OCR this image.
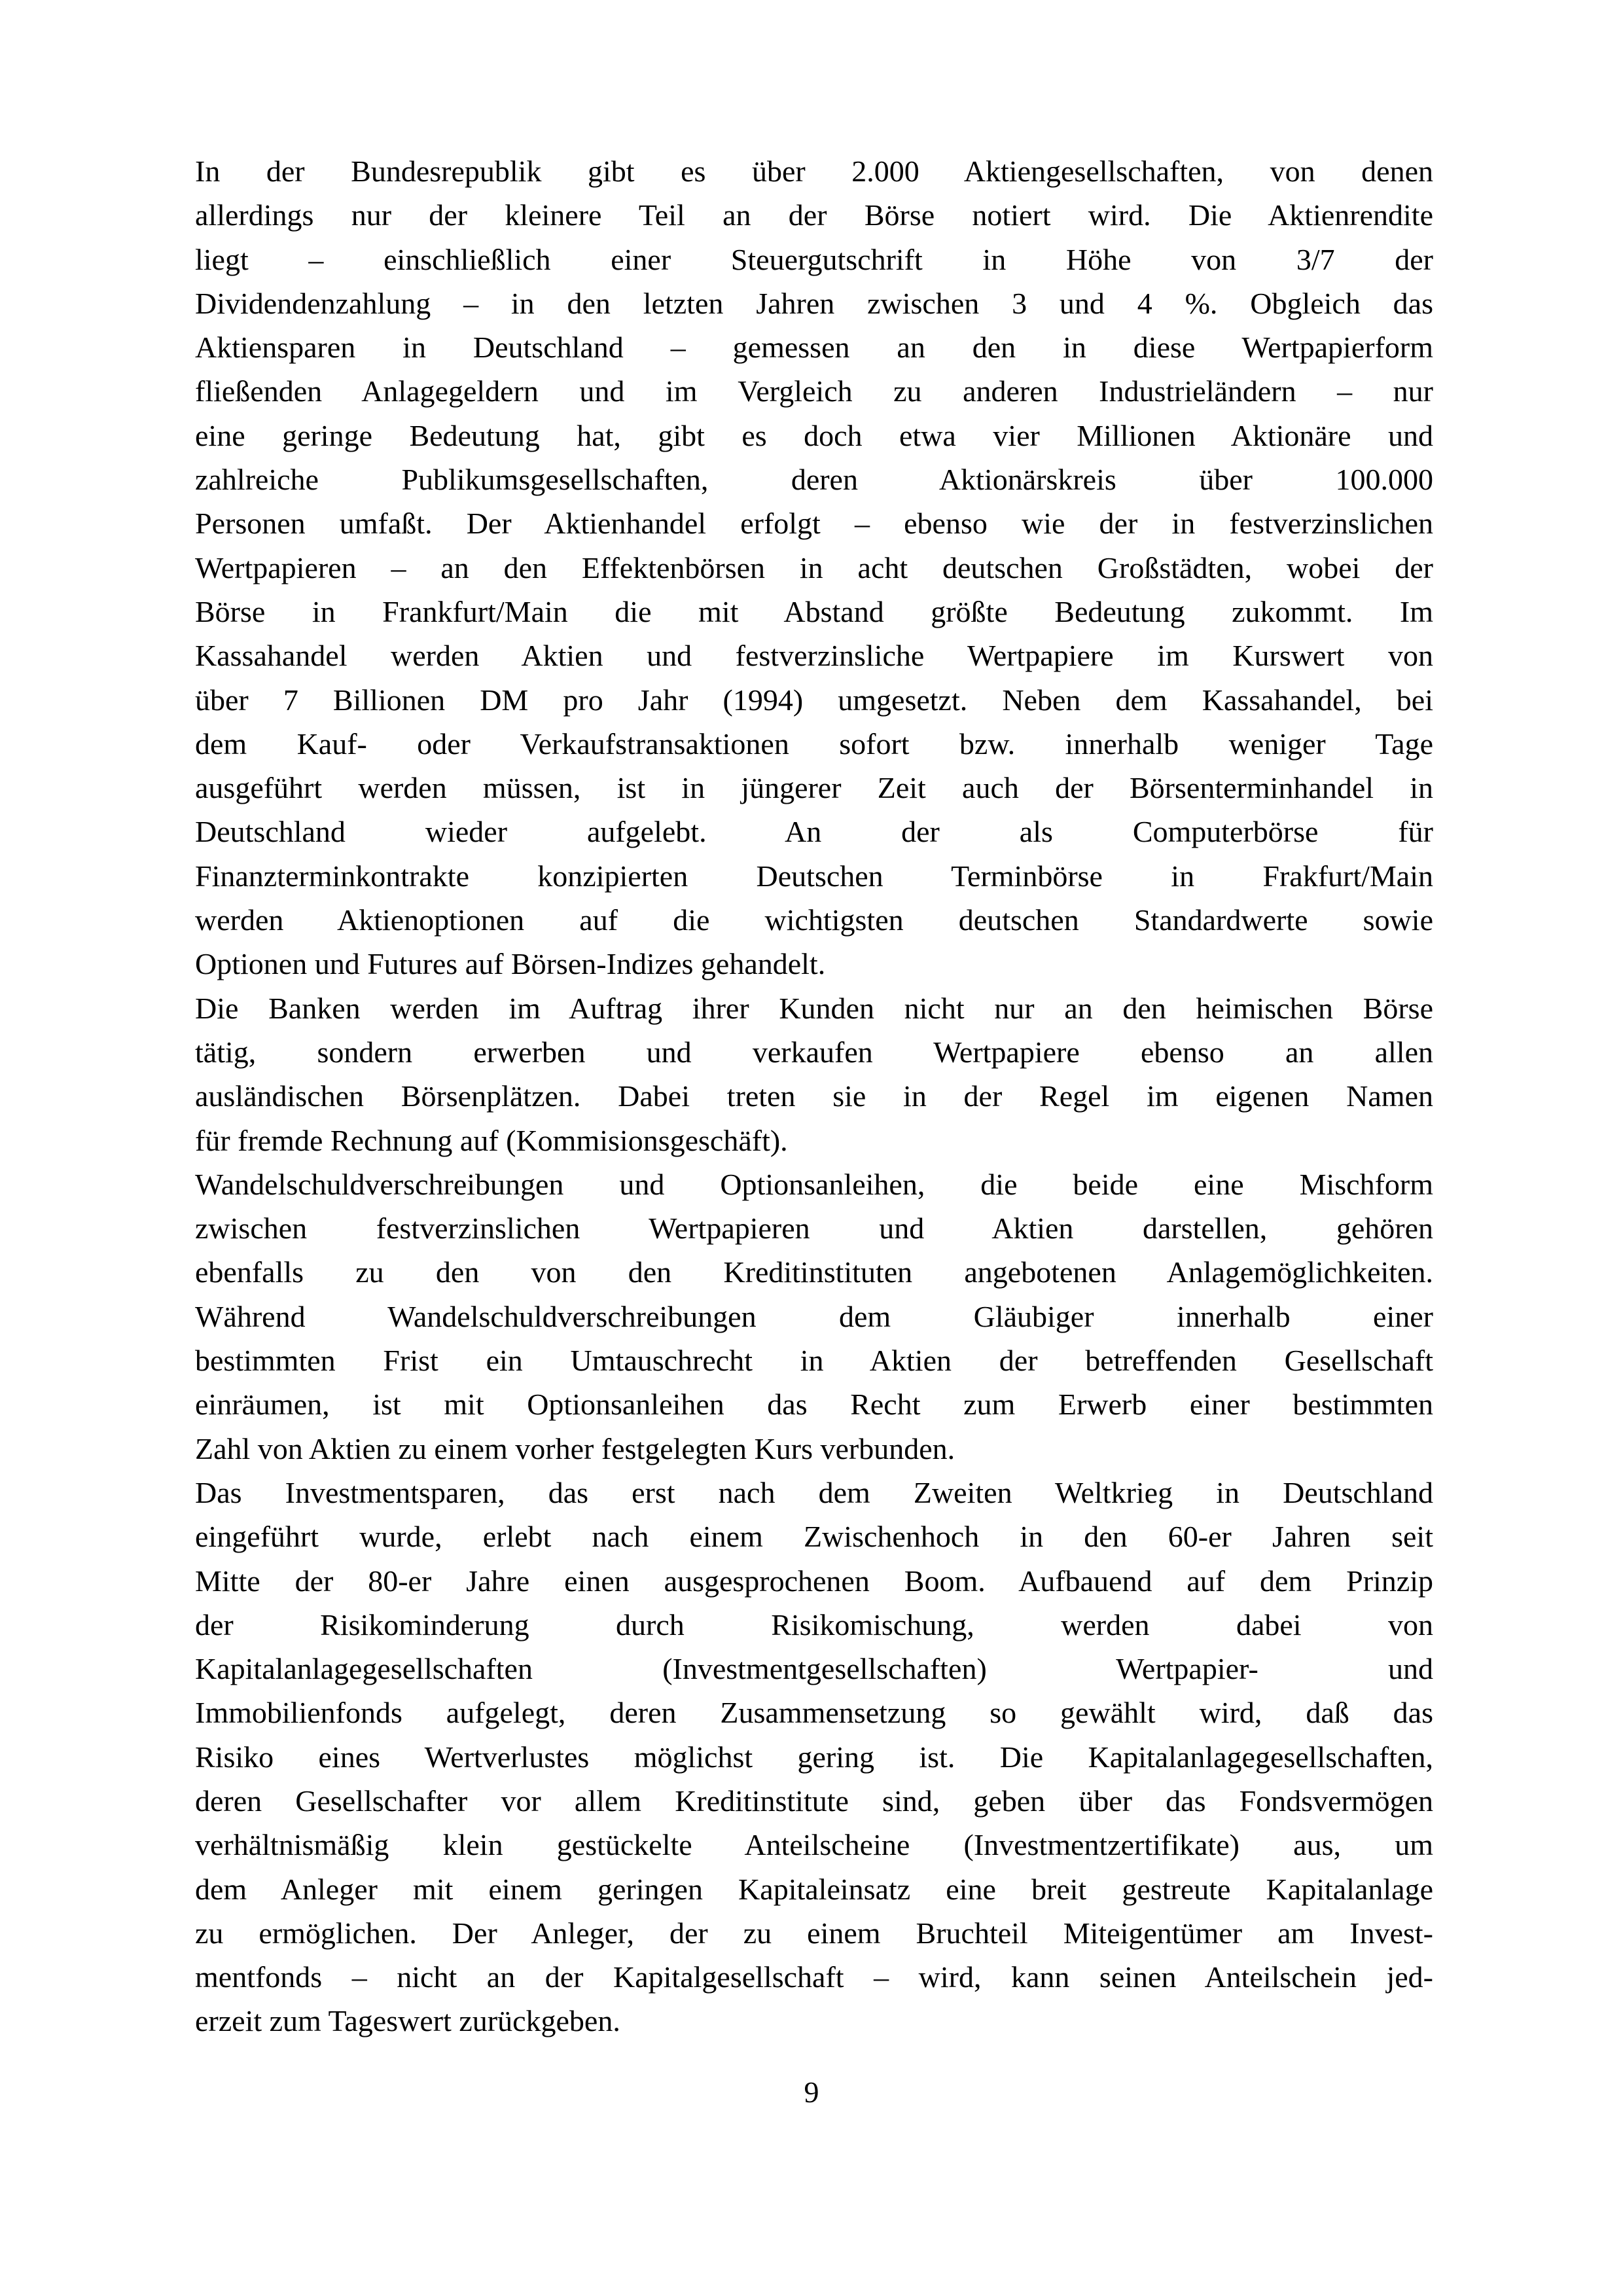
In der Bundesrepublik gibt es über 2.000 Aktiengesellschaften, von denen
allerdings nur der kleinere Teil an der Börse notiert wird. Die Aktienrendite
liegt – einschließlich einer Steuergutschrift in Höhe von 3/7 der
Dividendenzahlung – in den letzten Jahren zwischen 3 und 4 %. Obgleich das
Aktiensparen in Deutschland – gemessen an den in diese Wertpapierform
fließenden Anlagegeldern und im Vergleich zu anderen Industrieländern – nur
eine geringe Bedeutung hat, gibt es doch etwa vier Millionen Aktionäre und
zahlreiche Publikumsgesellschaften, deren Aktionärskreis über 100.000
Personen umfaßt. Der Aktienhandel erfolgt – ebenso wie der in festverzinslichen
Wertpapieren – an den Effektenbörsen in acht deutschen Großstädten, wobei der
Börse in Frankfurt/Main die mit Abstand größte Bedeutung zukommt. Im
Kassahandel werden Aktien und festverzinsliche Wertpapiere im Kurswert von
über 7 Billionen DM pro Jahr (1994) umgesetzt. Neben dem Kassahandel, bei
dem Kauf- oder Verkaufstransaktionen sofort bzw. innerhalb weniger Tage
ausgeführt werden müssen, ist in jüngerer Zeit auch der Börsenterminhandel in
Deutschland wieder aufgelebt. An der als Computerbörse für
Finanzterminkontrakte konzipierten Deutschen Terminbörse in Frakfurt/Main
werden Aktienoptionen auf die wichtigsten deutschen Standardwerte sowie
Optionen und Futures auf Börsen-Indizes gehandelt.
Die Banken werden im Auftrag ihrer Kunden nicht nur an den heimischen Börse
tätig, sondern erwerben und verkaufen Wertpapiere ebenso an allen
ausländischen Börsenplätzen. Dabei treten sie in der Regel im eigenen Namen
für fremde Rechnung auf (Kommisionsgeschäft).
Wandelschuldverschreibungen und Optionsanleihen, die beide eine Mischform
zwischen festverzinslichen Wertpapieren und Aktien darstellen, gehören
ebenfalls zu den von den Kreditinstituten angebotenen Anlagemöglichkeiten.
Während Wandelschuldverschreibungen dem Gläubiger innerhalb einer
bestimmten Frist ein Umtauschrecht in Aktien der betreffenden Gesellschaft
einräumen, ist mit Optionsanleihen das Recht zum Erwerb einer bestimmten
Zahl von Aktien zu einem vorher festgelegten Kurs verbunden.
Das Investmentsparen, das erst nach dem Zweiten Weltkrieg in Deutschland
eingeführt wurde, erlebt nach einem Zwischenhoch in den 60-er Jahren seit
Mitte der 80-er Jahre einen ausgesprochenen Boom. Aufbauend auf dem Prinzip
der Risikominderung durch Risikomischung, werden dabei von
Kapitalanlagegesellschaften (Investmentgesellschaften) Wertpapier- und
Immobilienfonds aufgelegt, deren Zusammensetzung so gewählt wird, daß das
Risiko eines Wertverlustes möglichst gering ist. Die Kapitalanlagegesellschaften,
deren Gesellschafter vor allem Kreditinstitute sind, geben über das Fondsvermögen
verhältnismäßig klein gestückelte Anteilscheine (Investmentzertifikate) aus, um
dem Anleger mit einem geringen Kapitaleinsatz eine breit gestreute Kapitalanlage
zu ermöglichen. Der Anleger, der zu einem Bruchteil Miteigentümer am Invest-
mentfonds – nicht an der Kapitalgesellschaft – wird, kann seinen Anteilschein jed-
erzeit zum Tageswert zurückgeben.
9
